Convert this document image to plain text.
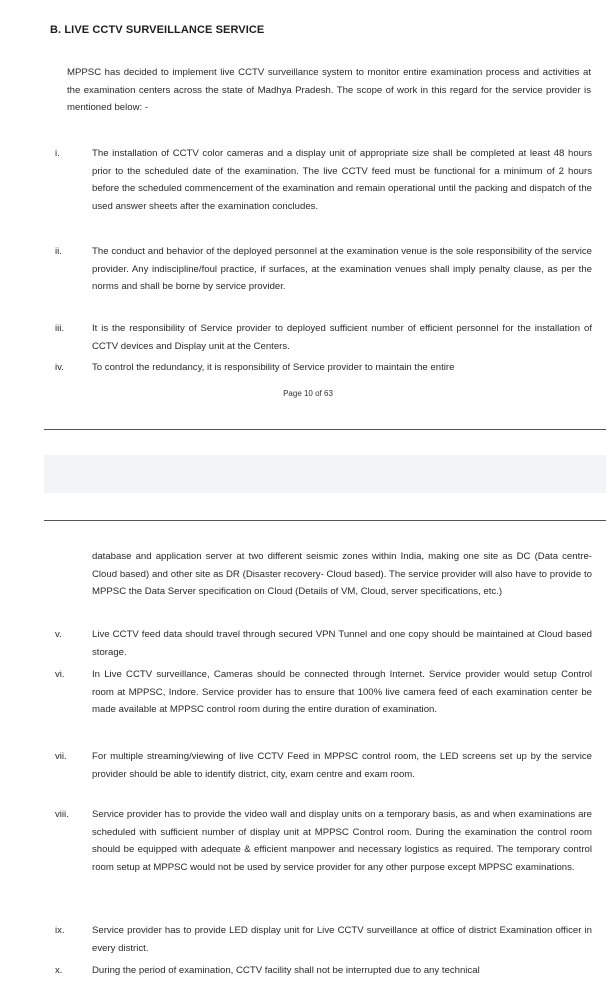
B. LIVE CCTV SURVEILLANCE SERVICE

MPPSC has decided to implement live CCTV surveillance system to monitor entire examination process and activities at the examination centers across the state of Madhya Pradesh. The scope of work in this regard for the service provider is mentioned below: -

i.	The installation of CCTV color cameras and a display unit of appropriate size shall be completed at least 48 hours prior to the scheduled date of the examination. The live CCTV feed must be functional for a minimum of 2 hours before the scheduled commencement of the examination and remain operational until the packing and dispatch of the used answer sheets after the examination concludes.

ii.	The conduct and behavior of the deployed personnel at the examination venue is the sole responsibility of the service provider. Any indiscipline/foul practice, if surfaces, at the examination venues shall imply penalty clause, as per the norms and shall be borne by service provider.

iii.	It is the responsibility of Service provider to deployed sufficient number of efficient personnel for the installation of CCTV devices and Display unit at the Centers.

iv.	To control the redundancy, it is responsibility of Service provider to maintain the entire

Page 10 of 63

database and application server at two different seismic zones within India, making one site as DC (Data centre-Cloud based) and other site as DR (Disaster recovery- Cloud based). The service provider will also have to provide to MPPSC the Data Server specification on Cloud (Details of VM, Cloud, server specifications, etc.)

v.	Live CCTV feed data should travel through secured VPN Tunnel and one copy should be maintained at Cloud based storage.

vi.	In Live CCTV surveillance, Cameras should be connected through Internet. Service provider would setup Control room at MPPSC, Indore. Service provider has to ensure that 100% live camera feed of each examination center be made available at MPPSC control room during the entire duration of examination.

vii.	For multiple streaming/viewing of live CCTV Feed in MPPSC control room, the LED screens set up by the service provider should be able to identify district, city, exam centre and exam room.

viii.	Service provider has to provide the video wall and display units on a temporary basis, as and when examinations are scheduled with sufficient number of display unit at MPPSC Control room. During the examination the control room should be equipped with adequate & efficient manpower and necessary logistics as required. The temporary control room setup at MPPSC would not be used by service provider for any other purpose except MPPSC examinations.

ix.	Service provider has to provide LED display unit for Live CCTV surveillance at office of district Examination officer in every district.

x.	During the period of examination, CCTV facility shall not be interrupted due to any technical
